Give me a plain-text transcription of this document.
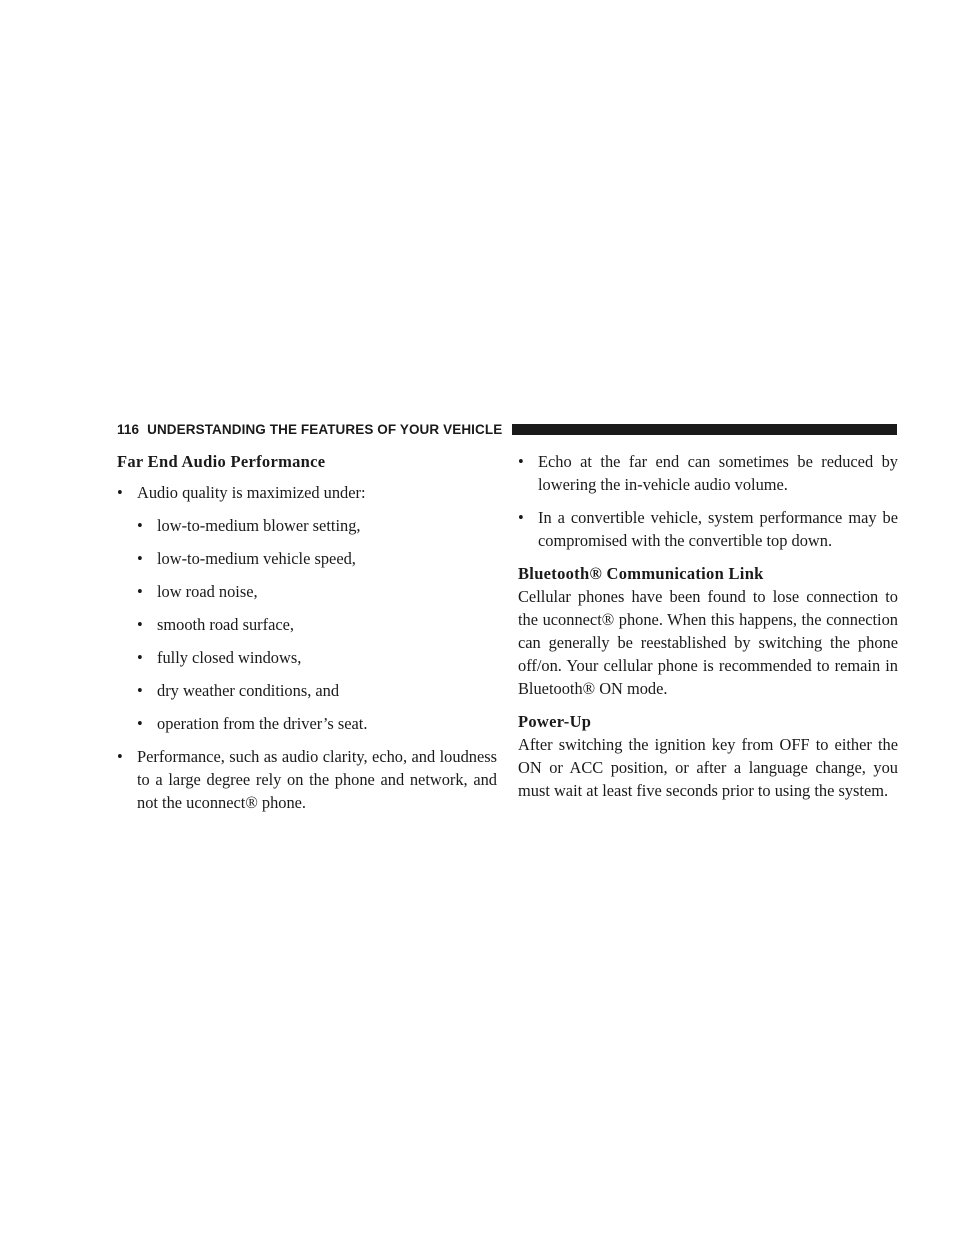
116 UNDERSTANDING THE FEATURES OF YOUR VEHICLE
Far End Audio Performance

• Audio quality is maximized under:

• low-to-medium blower setting,

• low-to-medium vehicle speed,

• low road noise,

• smooth road surface,

• fully closed windows,

• dry weather conditions, and

• operation from the driver’s seat.

• Performance, such as audio clarity, echo, and loudness to a large degree rely on the phone and network, and not the uconnect® phone.

• Echo at the far end can sometimes be reduced by lowering the in-vehicle audio volume.

• In a convertible vehicle, system performance may be compromised with the convertible top down.

Bluetooth® Communication Link

Cellular phones have been found to lose connection to the uconnect® phone. When this happens, the connection can generally be reestablished by switching the phone off/on. Your cellular phone is recommended to remain in Bluetooth® ON mode.

Power-Up

After switching the ignition key from OFF to either the ON or ACC position, or after a language change, you must wait at least five seconds prior to using the system.
